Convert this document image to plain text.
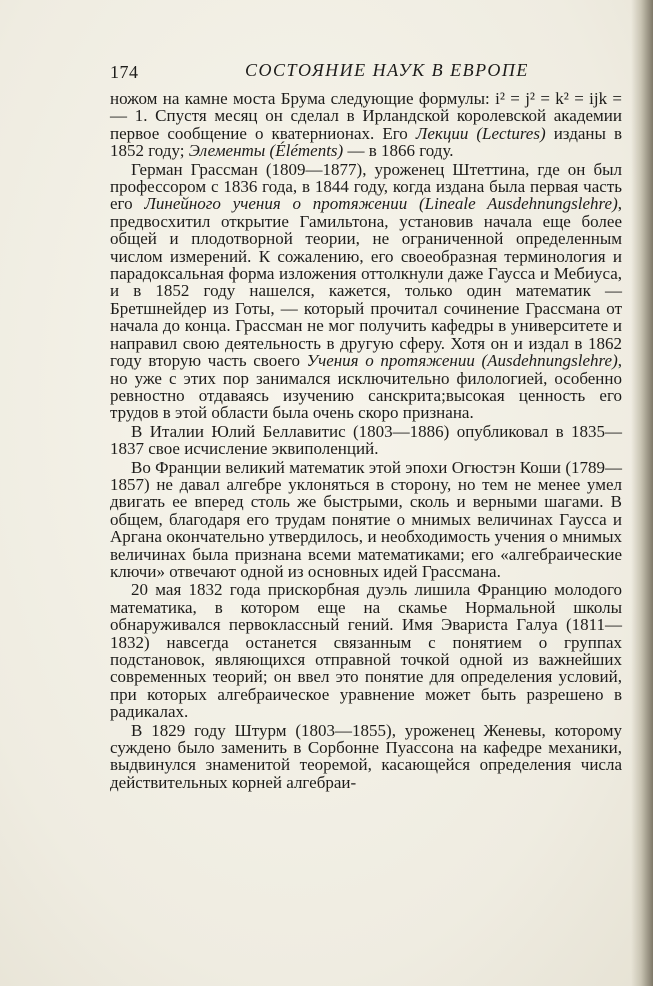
174	СОСТОЯНИЕ НАУК В ЕВРОПЕ

ножом на камне моста Брума следующие формулы: i² = j² = k² = ijk = — 1. Спустя месяц он сделал в Ирландской королевской академии первое сообщение о кватернионах. Его Лекции (Lectures) изданы в 1852 году; Элементы (Éléments) — в 1866 году.

Герман Грассман (1809—1877), уроженец Штеттина, где он был профессором с 1836 года, в 1844 году, когда издана была первая часть его Линейного учения о протяжении (Lineale Ausdehnungslehre), предвосхитил открытие Гамильтона, установив начала еще более общей и плодотворной теории, не ограниченной определенным числом измерений. К сожалению, его своеобразная терминология и парадоксальная форма изложения оттолкнули даже Гаусса и Мебиуса, и в 1852 году нашелся, кажется, только один математик — Бретшнейдер из Готы, — который прочитал сочинение Грассмана от начала до конца. Грассман не мог получить кафедры в университете и направил свою деятельность в другую сферу. Хотя он и издал в 1862 году вторую часть своего Учения о протяжении (Ausdehnungslehre), но уже с этих пор занимался исключительно филологией, особенно ревностно отдаваясь изучению санскрита;высокая ценность его трудов в этой области была очень скоро признана.

В Италии Юлий Беллавитис (1803—1886) опубликовал в 1835—1837 свое исчисление эквиполенций.

Во Франции великий математик этой эпохи Огюстэн Коши (1789—1857) не давал алгебре уклоняться в сторону, но тем не менее умел двигать ее вперед столь же быстрыми, сколь и верными шагами. В общем, благодаря его трудам понятие о мнимых величинах Гаусса и Аргана окончательно утвердилось, и необходимость учения о мнимых величинах была признана всеми математиками; его «алгебраические ключи» отвечают одной из основных идей Грассмана.

20 мая 1832 года прискорбная дуэль лишила Францию молодого математика, в котором еще на скамье Нормальной школы обнаруживался первоклассный гений. Имя Эвариста Галуа (1811—1832) навсегда останется связанным с понятием о группах подстановок, являющихся отправной точкой одной из важнейших современных теорий; он ввел это понятие для определения условий, при которых алгебраическое уравнение может быть разрешено в радикалах.

В 1829 году Штурм (1803—1855), уроженец Женевы, которому суждено было заменить в Сорбонне Пуассона на кафедре механики, выдвинулся знаменитой теоремой, касающейся определения числа действительных корней алгебраи-
